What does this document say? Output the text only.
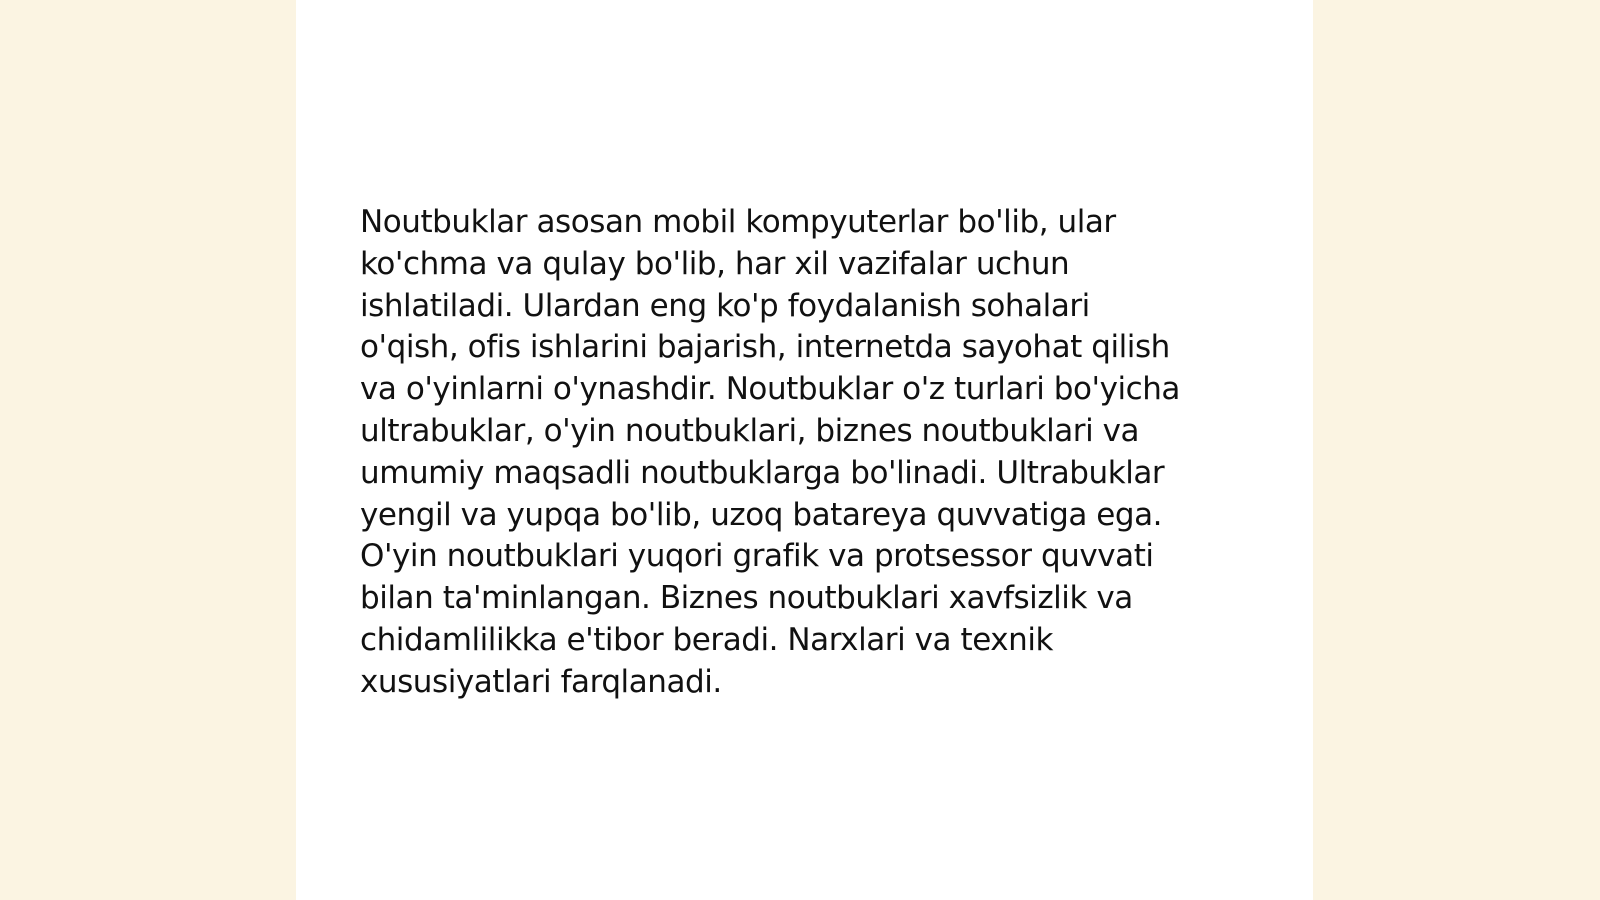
Noutbuklar asosan mobil kompyuterlar bo'lib, ular
ko'chma va qulay bo'lib, har xil vazifalar uchun
ishlatiladi. Ulardan eng ko'p foydalanish sohalari
o'qish, ofis ishlarini bajarish, internetda sayohat qilish
va o'yinlarni o'ynashdir. Noutbuklar o'z turlari bo'yicha
ultrabuklar, o'yin noutbuklari, biznes noutbuklari va
umumiy maqsadli noutbuklarga bo'linadi. Ultrabuklar
yengil va yupqa bo'lib, uzoq batareya quvvatiga ega.
O'yin noutbuklari yuqori grafik va protsessor quvvati
bilan ta'minlangan. Biznes noutbuklari xavfsizlik va
chidamlilikka e'tibor beradi. Narxlari va texnik
xususiyatlari farqlanadi.
